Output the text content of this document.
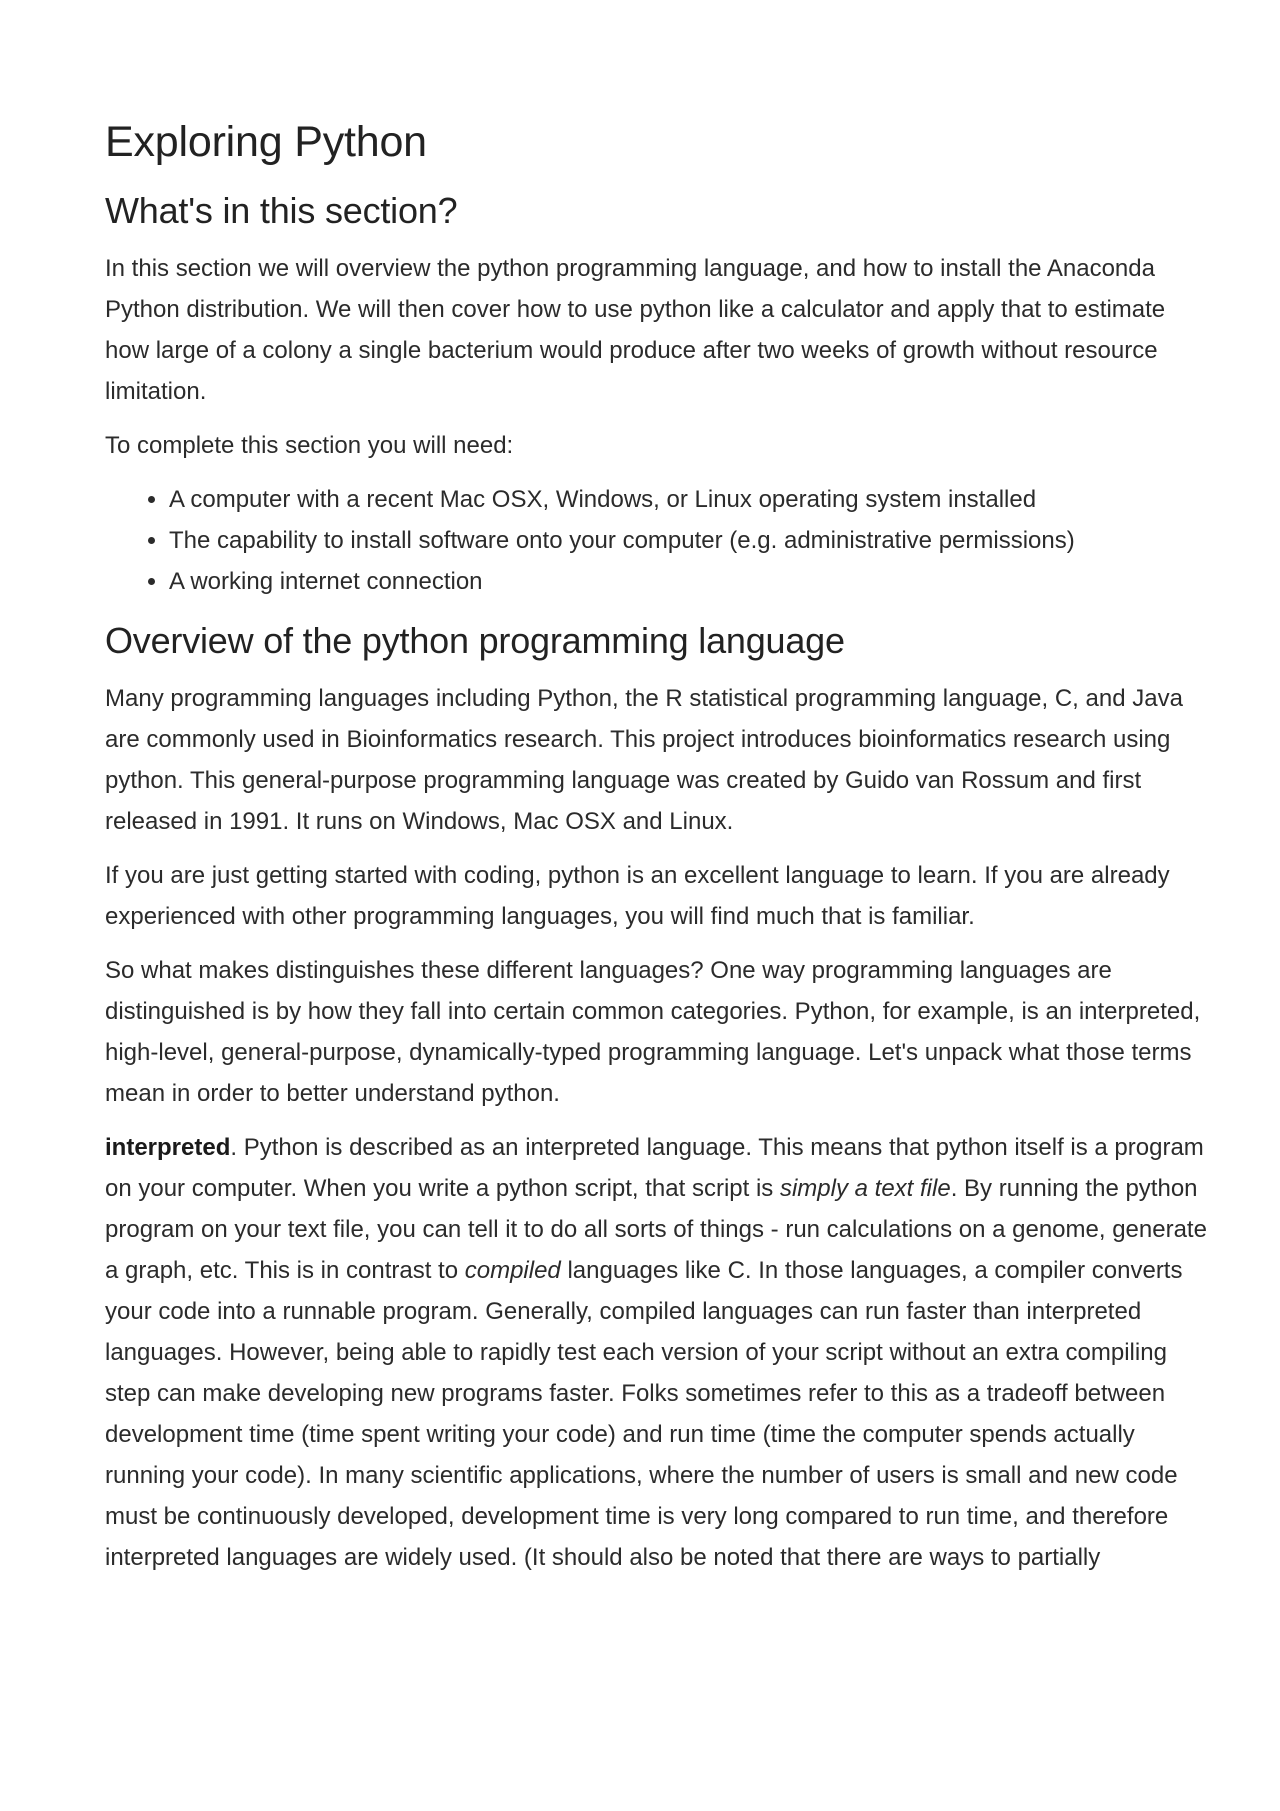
Exploring Python
What's in this section?

In this section we will overview the python programming language, and how to install the Anaconda Python distribution. We will then cover how to use python like a calculator and apply that to estimate how large of a colony a single bacterium would produce after two weeks of growth without resource limitation.

To complete this section you will need:

• A computer with a recent Mac OSX, Windows, or Linux operating system installed
• The capability to install software onto your computer (e.g. administrative permissions)
• A working internet connection
Overview of the python programming language

Many programming languages including Python, the R statistical programming language, C, and Java are commonly used in Bioinformatics research. This project introduces bioinformatics research using python. This general-purpose programming language was created by Guido van Rossum and first released in 1991. It runs on Windows, Mac OSX and Linux.

If you are just getting started with coding, python is an excellent language to learn. If you are already experienced with other programming languages, you will find much that is familiar.

So what makes distinguishes these different languages? One way programming languages are distinguished is by how they fall into certain common categories. Python, for example, is an interpreted, high-level, general-purpose, dynamically-typed programming language. Let's unpack what those terms mean in order to better understand python.

interpreted. Python is described as an interpreted language. This means that python itself is a program on your computer. When you write a python script, that script is simply a text file. By running the python program on your text file, you can tell it to do all sorts of things - run calculations on a genome, generate a graph, etc. This is in contrast to compiled languages like C. In those languages, a compiler converts your code into a runnable program. Generally, compiled languages can run faster than interpreted languages. However, being able to rapidly test each version of your script without an extra compiling step can make developing new programs faster. Folks sometimes refer to this as a tradeoff between development time (time spent writing your code) and run time (time the computer spends actually running your code). In many scientific applications, where the number of users is small and new code must be continuously developed, development time is very long compared to run time, and therefore interpreted languages are widely used. (It should also be noted that there are ways to partially
